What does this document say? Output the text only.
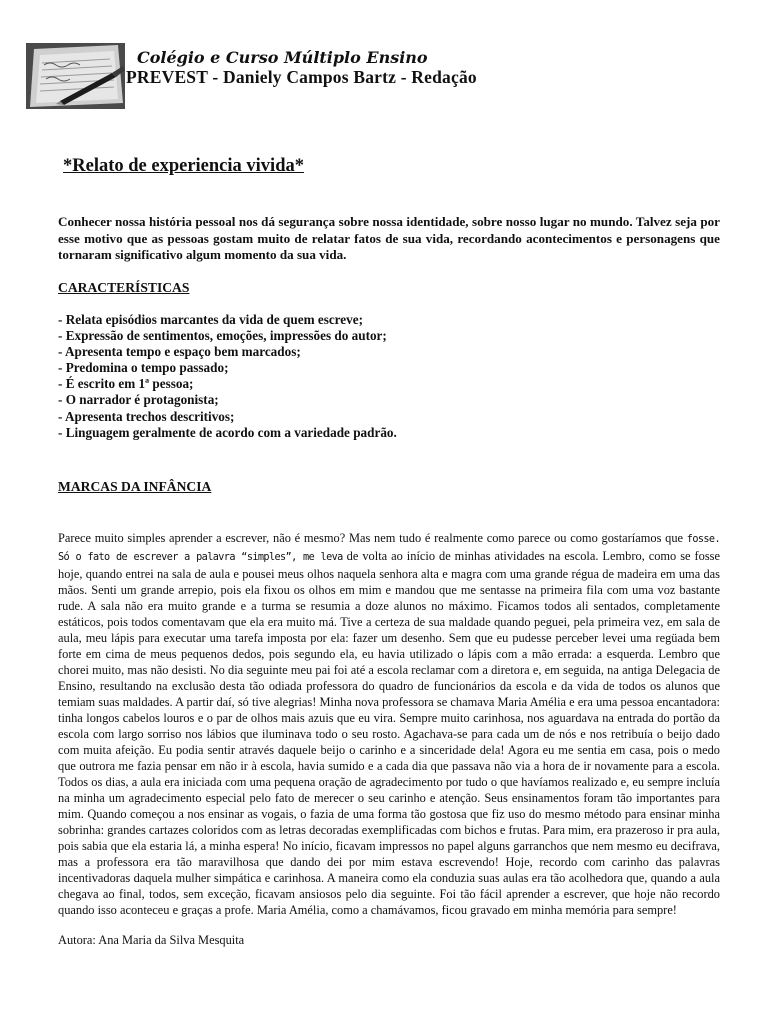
Colégio e Curso Múltiplo Ensino
PREVEST - Daniely Campos Bartz - Redação
*Relato de experiencia vivida*

Conhecer nossa história pessoal nos dá segurança sobre nossa identidade, sobre nosso lugar no mundo. Talvez seja por esse motivo que as pessoas gostam muito de relatar fatos de sua vida, recordando acontecimentos e personagens que tornaram significativo algum momento da sua vida.

CARACTERÍSTICAS
- Relata episódios marcantes da vida de quem escreve;
- Expressão de sentimentos, emoções, impressões do autor;
- Apresenta tempo e espaço bem marcados;
- Predomina o tempo passado;
- É escrito em 1ª pessoa;
- O narrador é protagonista;
- Apresenta trechos descritivos;
- Linguagem geralmente de acordo com a variedade padrão.
MARCAS DA INFÂNCIA

Parece muito simples aprender a escrever, não é mesmo? Mas nem tudo é realmente como parece ou como gostaríamos que fosse. Só o fato de escrever a palavra “simples”, me leva de volta ao início de minhas atividades na escola. Lembro, como se fosse hoje, quando entrei na sala de aula e pousei meus olhos naquela senhora alta e magra com uma grande régua de madeira em uma das mãos. Senti um grande arrepio, pois ela fixou os olhos em mim e mandou que me sentasse na primeira fila com uma voz bastante rude. A sala não era muito grande e a turma se resumia a doze alunos no máximo. Ficamos todos ali sentados, completamente estáticos, pois todos comentavam que ela era muito má. Tive a certeza de sua maldade quando peguei, pela primeira vez, em sala de aula, meu lápis para executar uma tarefa imposta por ela: fazer um desenho. Sem que eu pudesse perceber levei uma regüada bem forte em cima de meus pequenos dedos, pois segundo ela, eu havia utilizado o lápis com a mão errada: a esquerda. Lembro que chorei muito, mas não desisti. No dia seguinte meu pai foi até a escola reclamar com a diretora e, em seguida, na antiga Delegacia de Ensino, resultando na exclusão desta tão odiada professora do quadro de funcionários da escola e da vida de todos os alunos que temiam suas maldades. A partir daí, só tive alegrias! Minha nova professora se chamava Maria Amélia e era uma pessoa encantadora: tinha longos cabelos louros e o par de olhos mais azuis que eu vira. Sempre muito carinhosa, nos aguardava na entrada do portão da escola com largo sorriso nos lábios que iluminava todo o seu rosto. Agachava-se para cada um de nós e nos retribuía o beijo dado com muita afeição. Eu podia sentir através daquele beijo o carinho e a sinceridade dela! Agora eu me sentia em casa, pois o medo que outrora me fazia pensar em não ir à escola, havia sumido e a cada dia que passava não via a hora de ir novamente para a escola. Todos os dias, a aula era iniciada com uma pequena oração de agradecimento por tudo o que havíamos realizado e, eu sempre incluía na minha um agradecimento especial pelo fato de merecer o seu carinho e atenção. Seus ensinamentos foram tão importantes para mim. Quando começou a nos ensinar as vogais, o fazia de uma forma tão gostosa que fiz uso do mesmo método para ensinar minha sobrinha: grandes cartazes coloridos com as letras decoradas exemplificadas com bichos e frutas. Para mim, era prazeroso ir pra aula, pois sabia que ela estaria lá, a minha espera! No início, ficavam impressos no papel alguns garranchos que nem mesmo eu decifrava, mas a professora era tão maravilhosa que dando dei por mim estava escrevendo! Hoje, recordo com carinho das palavras incentivadoras daquela mulher simpática e carinhosa. A maneira como ela conduzia suas aulas era tão acolhedora que, quando a aula chegava ao final, todos, sem exceção, ficavam ansiosos pelo dia seguinte. Foi tão fácil aprender a escrever, que hoje não recordo quando isso aconteceu e graças a profe. Maria Amélia, como a chamávamos, ficou gravado em minha memória para sempre!

Autora: Ana Maria da Silva Mesquita
